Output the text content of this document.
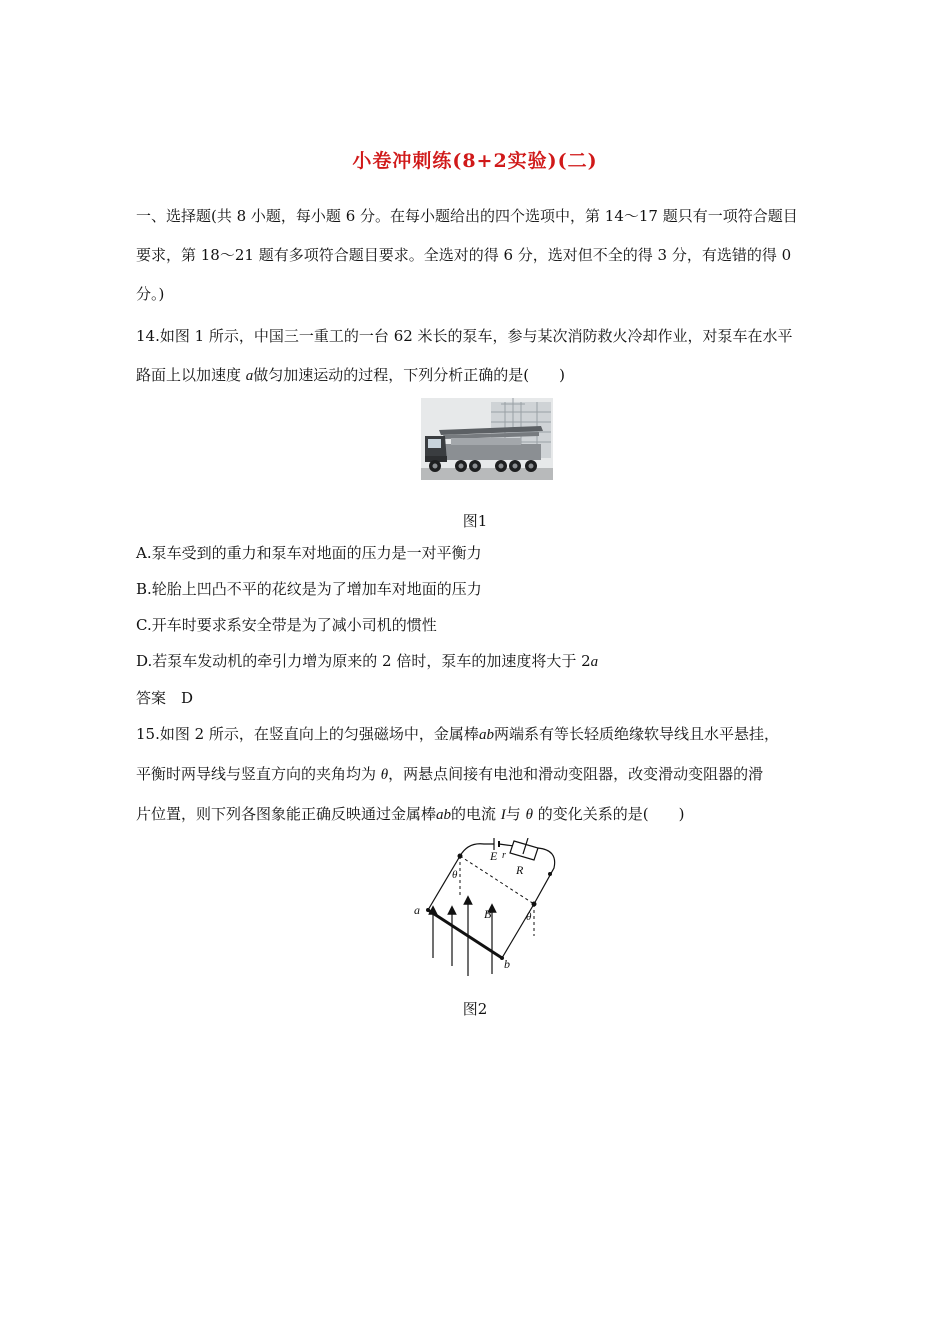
小卷冲刺练(8+2实验)(二)
一、选择题(共 8 小题，每小题 6 分。在每小题给出的四个选项中，第 14～17 题只有一项符合题目
要求，第 18～21 题有多项符合题目要求。全选对的得 6 分，选对但不全的得 3 分，有选错的得 0
分。)
14.如图 1 所示，中国三一重工的一台 62 米长的泵车，参与某次消防救火冷却作业，对泵车在水平
路面上以加速度 a做匀加速运动的过程，下列分析正确的是(　　)
图1
A.泵车受到的重力和泵车对地面的压力是一对平衡力
B.轮胎上凹凸不平的花纹是为了增加车对地面的压力
C.开车时要求系安全带是为了减小司机的惯性
D.若泵车发动机的牵引力增为原来的 2 倍时，泵车的加速度将大于 2a
答案　D
15.如图 2 所示，在竖直向上的匀强磁场中，金属棒ab两端系有等长轻质绝缘软导线且水平悬挂，
平衡时两导线与竖直方向的夹角均为 θ，两悬点间接有电池和滑动变阻器，改变滑动变阻器的滑
片位置，则下列各图象能正确反映通过金属棒ab的电流 I与 θ 的变化关系的是(　　)
a
b
B
E r
R
θ
θ
图2
